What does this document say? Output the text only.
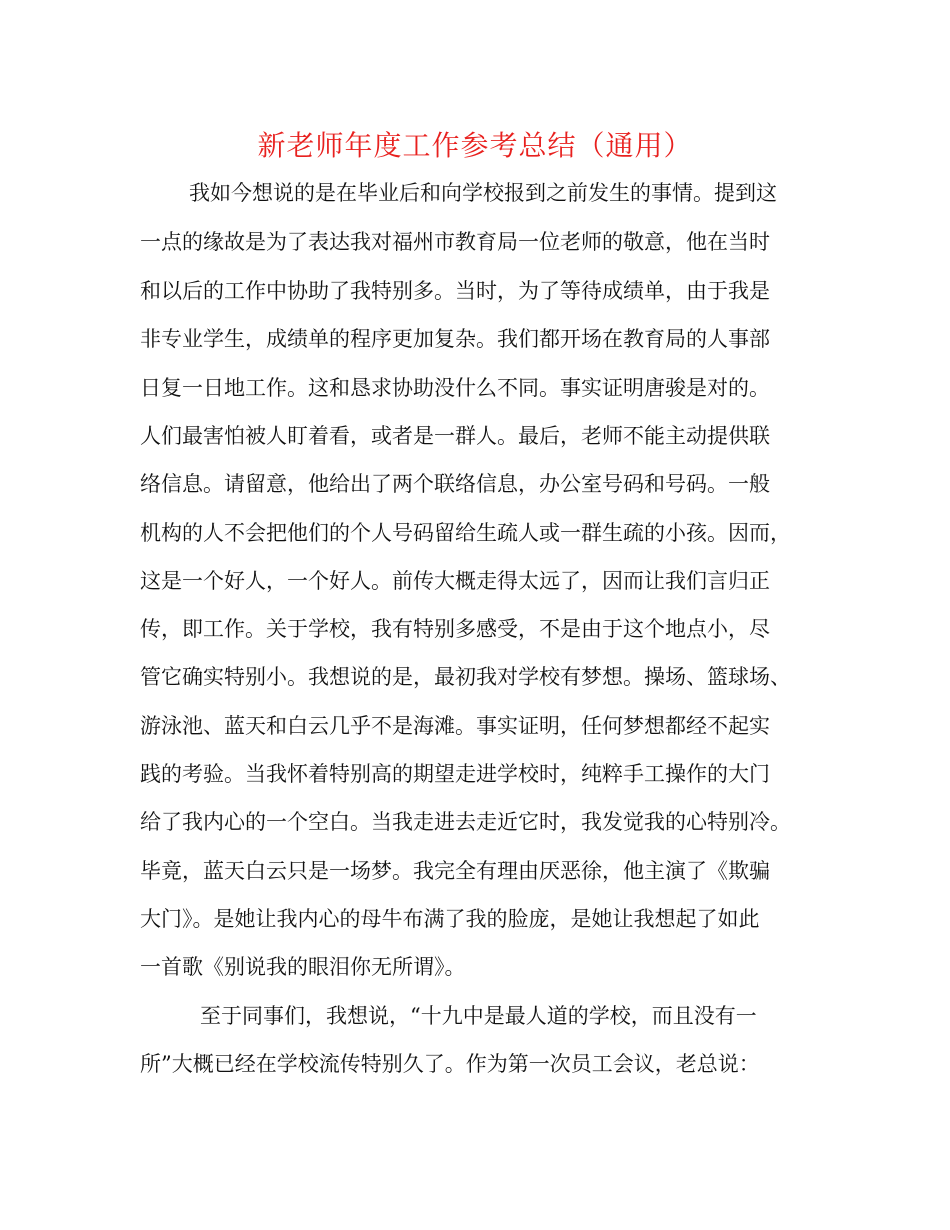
新老师年度工作参考总结（通用）

我如今想说的是在毕业后和向学校报到之前发生的事情。提到这

一点的缘故是为了表达我对福州市教育局一位老师的敬意，他在当时

和以后的工作中协助了我特别多。当时，为了等待成绩单，由于我是

非专业学生，成绩单的程序更加复杂。我们都开场在教育局的人事部

日复一日地工作。这和恳求协助没什么不同。事实证明唐骏是对的。

人们最害怕被人盯着看，或者是一群人。最后，老师不能主动提供联

络信息。请留意，他给出了两个联络信息，办公室号码和号码。一般

机构的人不会把他们的个人号码留给生疏人或一群生疏的小孩。因而，

这是一个好人，一个好人。前传大概走得太远了，因而让我们言归正

传，即工作。关于学校，我有特别多感受，不是由于这个地点小，尽

管它确实特别小。我想说的是，最初我对学校有梦想。操场、篮球场、

游泳池、蓝天和白云几乎不是海滩。事实证明，任何梦想都经不起实

践的考验。当我怀着特别高的期望走进学校时，纯粹手工操作的大门

给了我内心的一个空白。当我走进去走近它时，我发觉我的心特别冷。

毕竟，蓝天白云只是一场梦。我完全有理由厌恶徐，他主演了《欺骗

大门》。是她让我内心的母牛布满了我的脸庞，是她让我想起了如此

一首歌《别说我的眼泪你无所谓》。

至于同事们，我想说，“十九中是最人道的学校，而且没有一

所”大概已经在学校流传特别久了。作为第一次员工会议，老总说：
